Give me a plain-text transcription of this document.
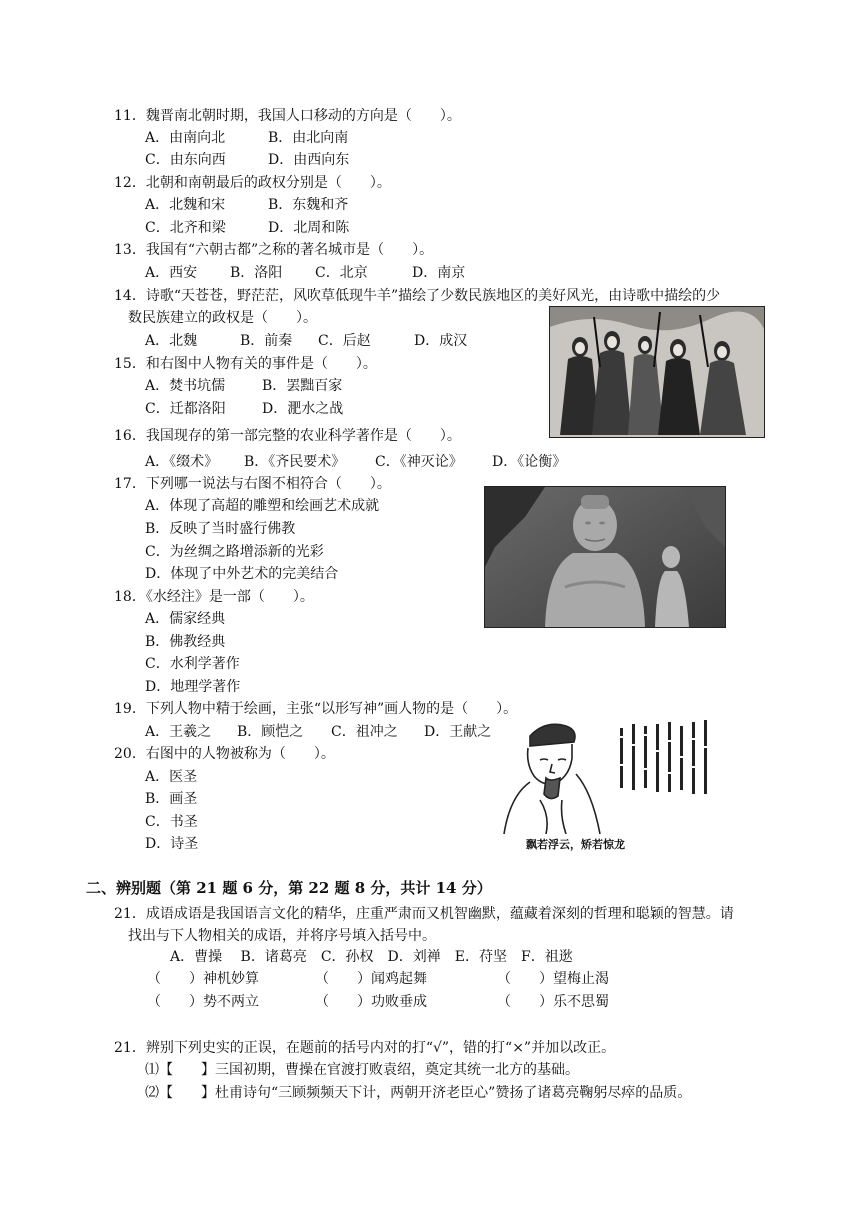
11．魏晋南北朝时期，我国人口移动的方向是（　　）。
A．由南向北	B．由北向南
C．由东向西	D．由西向东
12．北朝和南朝最后的政权分别是（　　）。
A．北魏和宋	B．东魏和齐
C．北齐和梁	D．北周和陈
13．我国有“六朝古都”之称的著名城市是（　　）。
A．西安 B．洛阳 C．北京	D．南京
14．诗歌“天苍苍，野茫茫，风吹草低现牛羊”描绘了少数民族地区的美好风光，由诗歌中描绘的少
数民族建立的政权是（　　）。
A．北魏	B．前秦 C．后赵	D．成汉
15．和右图中人物有关的事件是（　　）。
A．焚书坑儒	B．罢黜百家
C．迁都洛阳	D．淝水之战
16．我国现存的第一部完整的农业科学著作是（　　）。
A．《缀术》 B．《齐民要术》 C．《神灭论》 D．《论衡》
17．下列哪一说法与右图不相符合（　　）。
A．体现了高超的雕塑和绘画艺术成就
B．反映了当时盛行佛教
C．为丝绸之路增添新的光彩
D．体现了中外艺术的完美结合
18．《水经注》是一部（　　）。
A．儒家经典
B．佛教经典
C．水利学著作
D．地理学著作
19．下列人物中精于绘画，主张“以形写神”画人物的是（　　）。
A．王羲之 B．顾恺之 C．祖冲之 D．王献之
20．右图中的人物被称为（　　）。
A．医圣
B．画圣
C．书圣
D．诗圣	飘若浮云，矫若惊龙
二、辨别题（第 21 题 6 分，第 22 题 8 分，共计 14 分）
21．成语成语是我国语言文化的精华，庄重严肃而又机智幽默，蕴藏着深刻的哲理和聪颖的智慧。请
找出与下人物相关的成语，并将序号填入括号中。
A．曹操　 B．诸葛亮　C．孙权　D．刘禅　E．苻坚　F．祖逖
（　　）神机妙算	（　　）闻鸡起舞	（　　）望梅止渴
（　　）势不两立	（　　）功败垂成	（　　）乐不思蜀
21．辨别下列史实的正误，在题前的括号内对的打“√”，错的打“×”并加以改正。
⑴【　　】三国初期，曹操在官渡打败袁绍，奠定其统一北方的基础。
⑵【　　】杜甫诗句“三顾频频天下计，两朝开济老臣心”赞扬了诸葛亮鞠躬尽瘁的品质。
